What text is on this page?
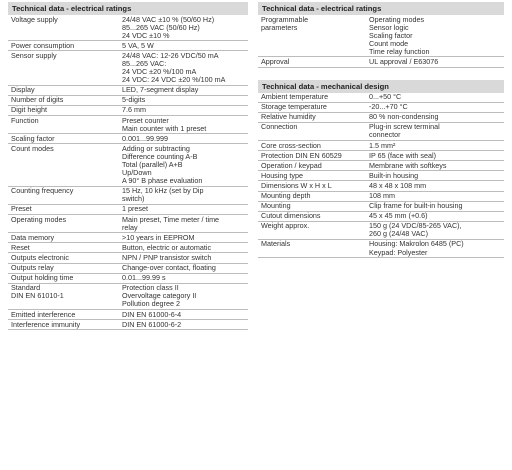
Technical data - electrical ratings
Voltage supply	24/48 VAC ±10 % (50/60 Hz)
85...265 VAC (50/60 Hz)
24 VDC ±10 %

Power consumption	5 VA, 5 W

Sensor supply	24/48 VAC: 12-26 VDC/50 mA
85...265 VAC:
24 VDC ±20 %/100 mA
24 VDC: 24 VDC ±20 %/100 mA

Display	LED, 7-segment display

Number of digits	5-digits

Digit height	7.6 mm

Function	Preset counter
Main counter with 1 preset

Scaling factor	0.001...99.999

Count modes	Adding or subtracting
Difference counting A-B
Total (parallel) A+B
Up/Down
A 90° B phase evaluation

Counting frequency	15 Hz, 10 kHz (set by Dip
switch)

Preset	1 preset

Operating modes	Main preset, Time meter / time
relay

Data memory	>10 years in EEPROM

Reset	Button, electric or automatic

Outputs electronic	NPN / PNP transistor switch

Outputs relay	Change-over contact, floating

Output holding time	0.01...99.99 s

Standard
DIN EN 61010-1	Protection class II
Overvoltage category II
Pollution degree 2

Emitted interference	DIN EN 61000-6-4

Interference immunity	DIN EN 61000-6-2
Technical data - electrical ratings
Programmable
parameters	Operating modes
Sensor logic
Scaling factor
Count mode
Time relay function

Approval	UL approval / E63076
Technical data - mechanical design
Ambient temperature	0...+50 °C

Storage temperature	-20...+70 °C

Relative humidity	80 % non-condensing

Connection	Plug-in screw terminal
connector

Core cross-section	1.5 mm²

Protection DIN EN 60529	IP 65 (face with seal)

Operation / keypad	Membrane with softkeys

Housing type	Built-in housing

Dimensions W x H x L	48 x 48 x 108 mm

Mounting depth	108 mm

Mounting	Clip frame for built-in housing

Cutout dimensions	45 x 45 mm (+0.6)

Weight approx.	150 g (24 VDC/85-265 VAC),
260 g (24/48 VAC)

Materials	Housing: Makrolon 6485 (PC)
Keypad: Polyester
